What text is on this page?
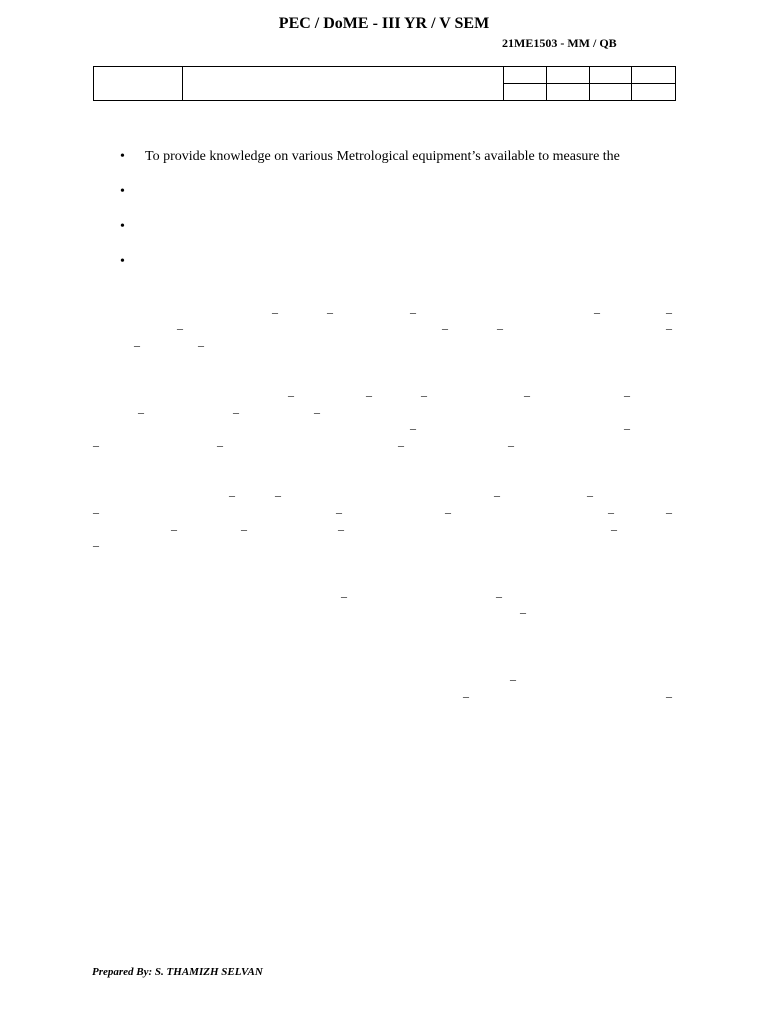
PEC / DoME - III YR / V SEM
21ME1503 - MM / QB

• To provide knowledge on various Metrological equipment’s available to measure the
•
•
•
–	–	–	–	–
–	–	–	–
–	–
–	–	–	–	–
–	–	–
–	–
–	–	–	–
–	–	–	–
–	–	–	–	–
–	–	–	–
–
–	–
–
–
–	–
Prepared By: S. THAMIZH SELVAN
